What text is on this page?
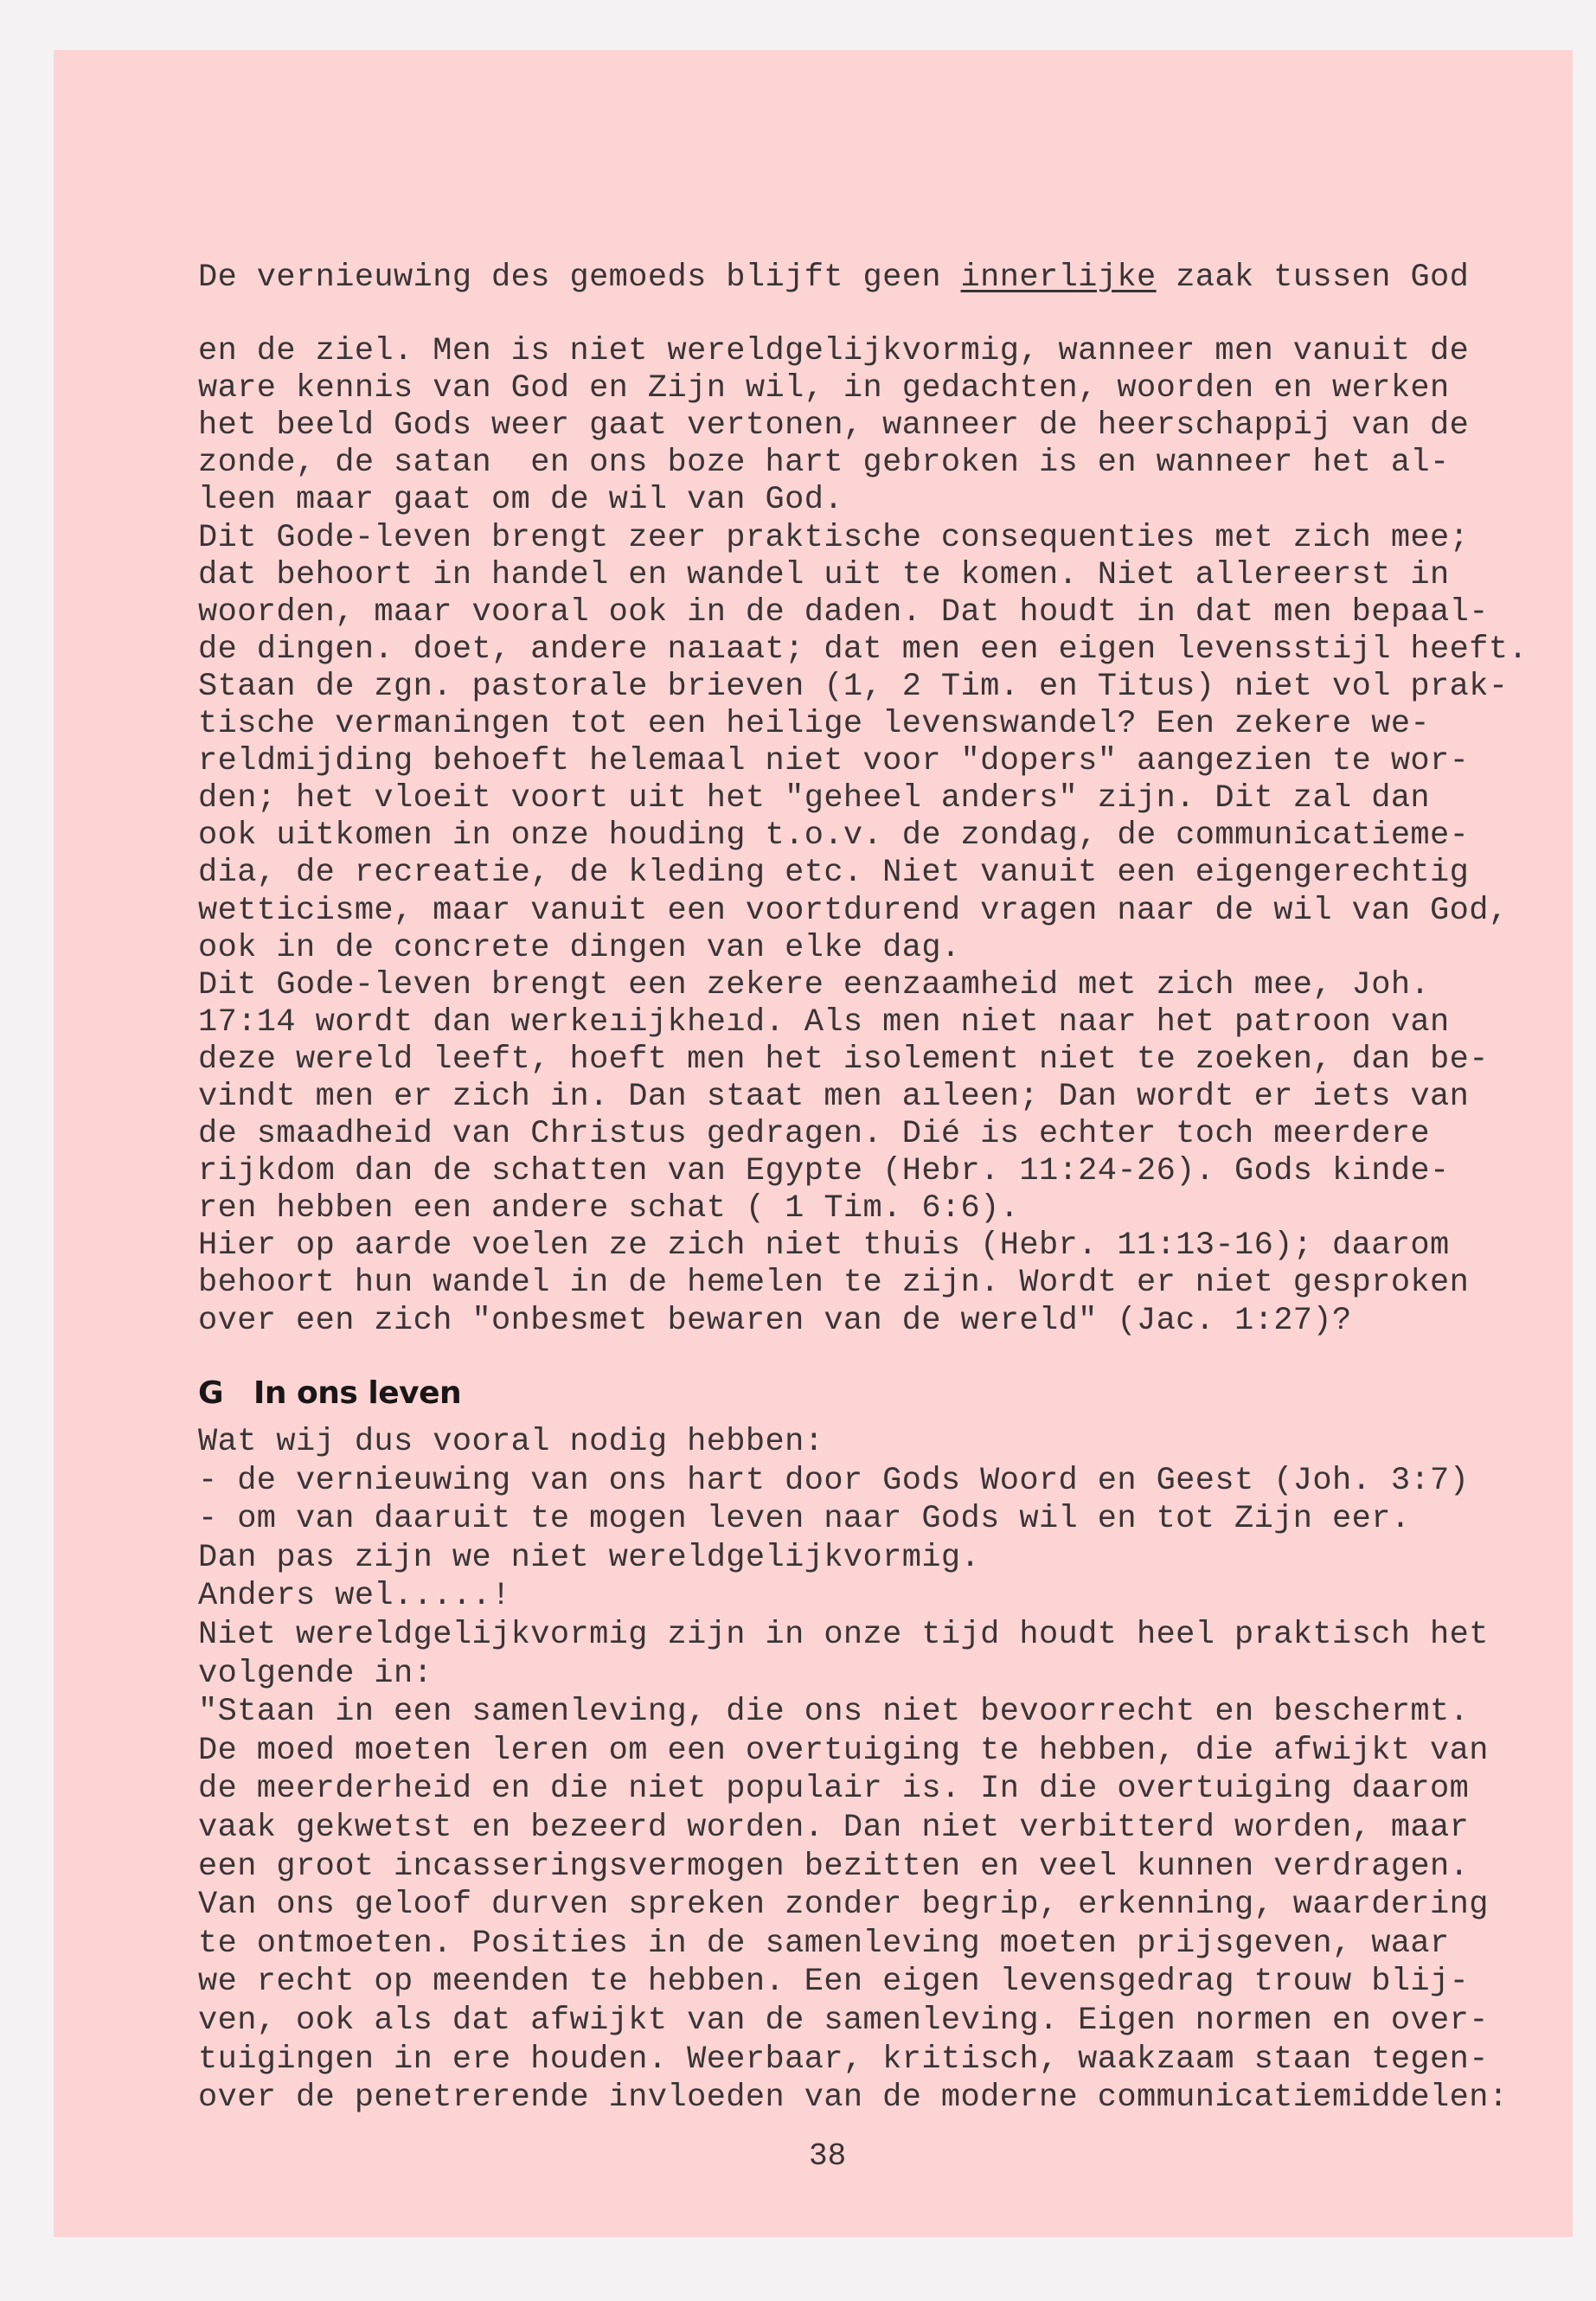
De vernieuwing des gemoeds blijft geen innerlijke zaak tussen God

en de ziel. Men is niet wereldgelijkvormig, wanneer men vanuit de
ware kennis van God en Zijn wil, in gedachten, woorden en werken
het beeld Gods weer gaat vertonen, wanneer de heerschappij van de
zonde, de satan  en ons boze hart gebroken is en wanneer het al-
leen maar gaat om de wil van God.
Dit Gode-leven brengt zeer praktische consequenties met zich mee;
dat behoort in handel en wandel uit te komen. Niet allereerst in
woorden, maar vooral ook in de daden. Dat houdt in dat men bepaal-
de dingen. doet, andere naıaat; dat men een eigen levensstijl heeft.
Staan de zgn. pastorale brieven (1, 2 Tim. en Titus) niet vol prak-
tische vermaningen tot een heilige levenswandel? Een zekere we-
reldmijding behoeft helemaal niet voor "dopers" aangezien te wor-
den; het vloeit voort uit het "geheel anders" zijn. Dit zal dan
ook uitkomen in onze houding t.o.v. de zondag, de communicatieme-
dia, de recreatie, de kleding etc. Niet vanuit een eigengerechtig
wetticisme, maar vanuit een voortdurend vragen naar de wil van God,
ook in de concrete dingen van elke dag.
Dit Gode-leven brengt een zekere eenzaamheid met zich mee, Joh.
17:14 wordt dan werkeıijkheıd. Als men niet naar het patroon van
deze wereld leeft, hoeft men het isolement niet te zoeken, dan be-
vindt men er zich in. Dan staat men aıleen; Dan wordt er iets van
de smaadheid van Christus gedragen. Dié is echter toch meerdere
rijkdom dan de schatten van Egypte (Hebr. 11:24-26). Gods kinde-
ren hebben een andere schat ( 1 Tim. 6:6).
Hier op aarde voelen ze zich niet thuis (Hebr. 11:13-16); daarom
behoort hun wandel in de hemelen te zijn. Wordt er niet gesproken
over een zich "onbesmet bewaren van de wereld" (Jac. 1:27)?
G In ons leven
Wat wij dus vooral nodig hebben:
- de vernieuwing van ons hart door Gods Woord en Geest (Joh. 3:7)
- om van daaruit te mogen leven naar Gods wil en tot Zijn eer.
Dan pas zijn we niet wereldgelijkvormig.
Anders wel.....!
Niet wereldgelijkvormig zijn in onze tijd houdt heel praktisch het
volgende in:
"Staan in een samenleving, die ons niet bevoorrecht en beschermt.
De moed moeten leren om een overtuiging te hebben, die afwijkt van
de meerderheid en die niet populair is. In die overtuiging daarom
vaak gekwetst en bezeerd worden. Dan niet verbitterd worden, maar
een groot incasseringsvermogen bezitten en veel kunnen verdragen.
Van ons geloof durven spreken zonder begrip, erkenning, waardering
te ontmoeten. Posities in de samenleving moeten prijsgeven, waar
we recht op meenden te hebben. Een eigen levensgedrag trouw blij-
ven, ook als dat afwijkt van de samenleving. Eigen normen en over-
tuigingen in ere houden. Weerbaar, kritisch, waakzaam staan tegen-
over de penetrerende invloeden van de moderne communicatiemiddelen:
38
